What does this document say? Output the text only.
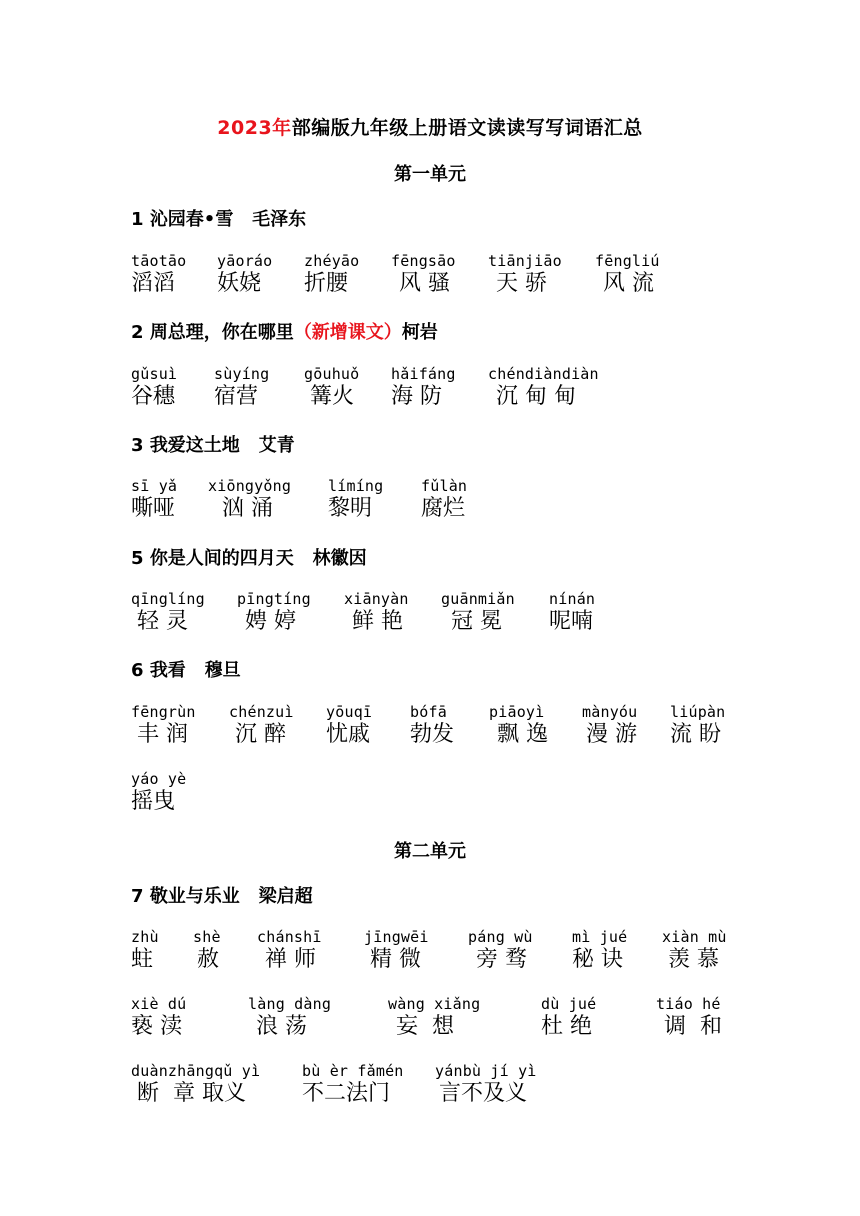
2023年部编版九年级上册语文读读写写词语汇总
第一单元
1 沁园春•雪 毛泽东
tāotāo
滔滔
yāoráo
妖娆
zhéyāo
折腰
fēngsāo
风 骚
tiānjiāo
天 骄
fēngliú
风 流
2 周总理，你在哪里（新增课文）柯岩
gǔsuì
谷穗
sùyíng
宿营
gōuhuǒ
篝火
hǎifáng
海 防
chéndiàndiàn
沉 甸 甸
3 我爱这土地 艾青
sī yǎ
嘶哑
xiōngyǒng
汹 涌
límíng
黎明
fǔlàn
腐烂
5 你是人间的四月天 林徽因
qīnglíng
轻 灵
pīngtíng
娉 婷
xiānyàn
鲜 艳
guānmiǎn
冠 冕
nínán
呢喃
6 我看 穆旦
fēngrùn
丰 润
chénzuì
沉 醉
yōuqī
忧戚
bófā
勃发
piāoyì
飘 逸
mànyóu
漫 游
liúpàn
流 盼
yáo yè
摇曳
第二单元
7 敬业与乐业 梁启超
zhù
蛀
shè
赦
chánshī
禅 师
jīngwēi
精 微
páng wù
旁 骛
mì jué
秘 诀
xiàn mù
羡 慕
xiè dú
亵 渎
làng dàng
浪 荡
wàng xiǎng
妄  想
dù jué
杜 绝
tiáo hé
调  和
duànzhāngqǔ yì
断  章 取义
bù èr fǎmén
不二法门
yánbù jí yì
言不及义
